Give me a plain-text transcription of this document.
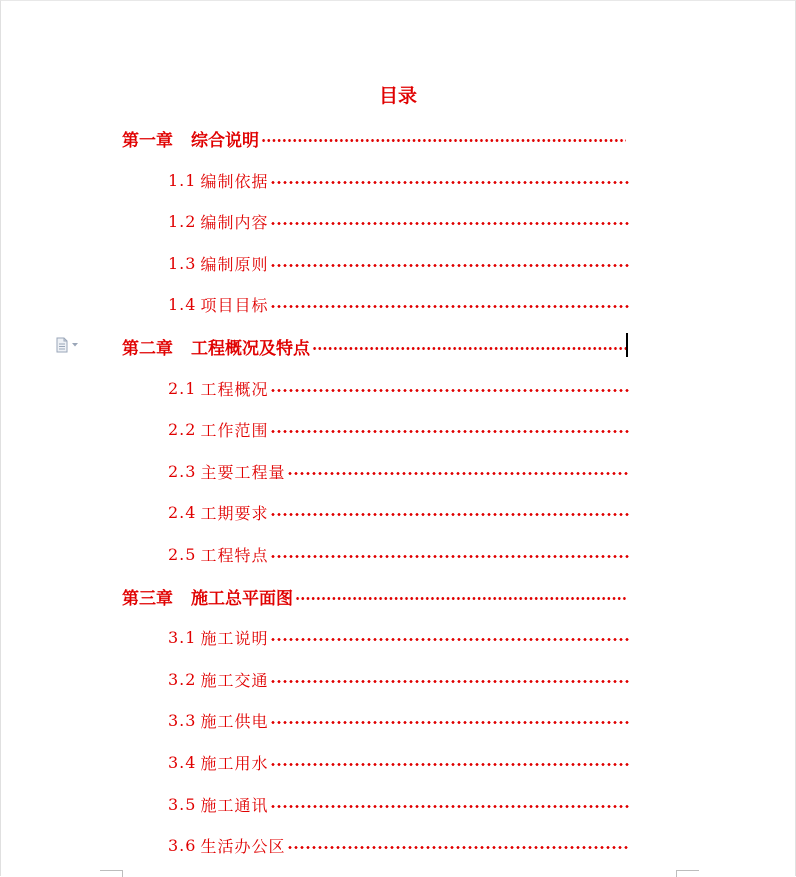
目录
第一章 综合说明
1.1 编制依据
1.2 编制内容
1.3 编制原则
1.4 项目目标
第二章 工程概况及特点
2.1 工程概况
2.2 工作范围
2.3 主要工程量
2.4 工期要求
2.5 工程特点
第三章 施工总平面图
3.1 施工说明
3.2 施工交通
3.3 施工供电
3.4 施工用水
3.5 施工通讯
3.6 生活办公区
